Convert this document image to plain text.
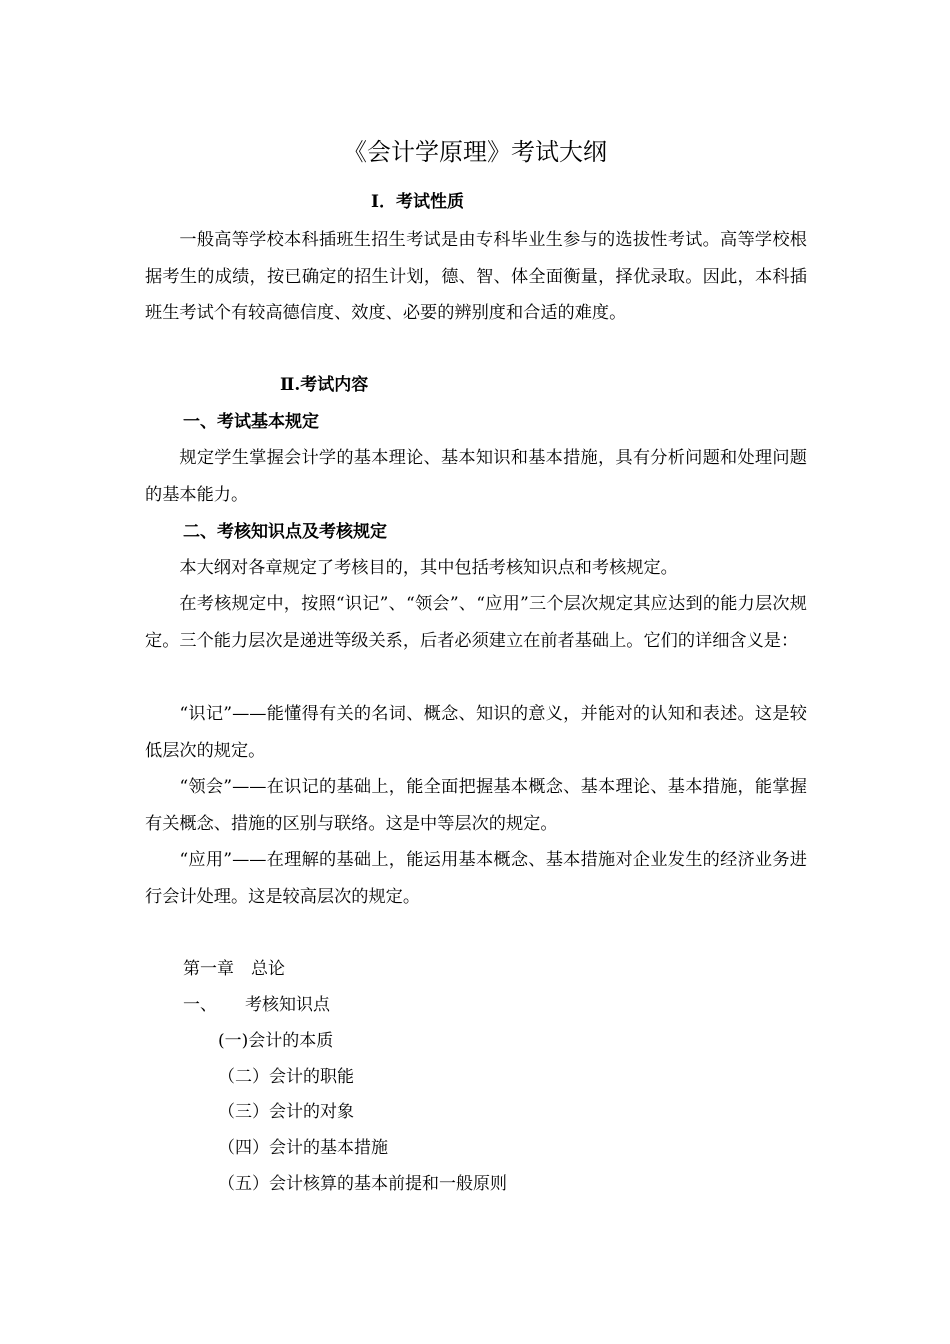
《会计学原理》考试大纲
Ⅰ．考试性质
一般高等学校本科插班生招生考试是由专科毕业生参与的选拔性考试。高等学校根据考生的成绩，按已确定的招生计划，德、智、体全面衡量，择优录取。因此，本科插班生考试个有较高德信度、效度、必要的辨别度和合适的难度。
Ⅱ.考试内容
一、考试基本规定
规定学生掌握会计学的基本理论、基本知识和基本措施，具有分析问题和处理问题的基本能力。
二、考核知识点及考核规定
本大纲对各章规定了考核目的，其中包括考核知识点和考核规定。
在考核规定中，按照“识记”、“领会”、“应用”三个层次规定其应达到的能力层次规定。三个能力层次是递进等级关系，后者必须建立在前者基础上。它们的详细含义是：
“识记”——能懂得有关的名词、概念、知识的意义，并能对的认知和表述。这是较低层次的规定。
“领会”——在识记的基础上，能全面把握基本概念、基本理论、基本措施，能掌握有关概念、措施的区别与联络。这是中等层次的规定。
“应用”——在理解的基础上，能运用基本概念、基本措施对企业发生的经济业务进行会计处理。这是较高层次的规定。
第一章　总论
一、 考核知识点
(一)会计的本质
（二）会计的职能
（三）会计的对象
（四）会计的基本措施
（五）会计核算的基本前提和一般原则
